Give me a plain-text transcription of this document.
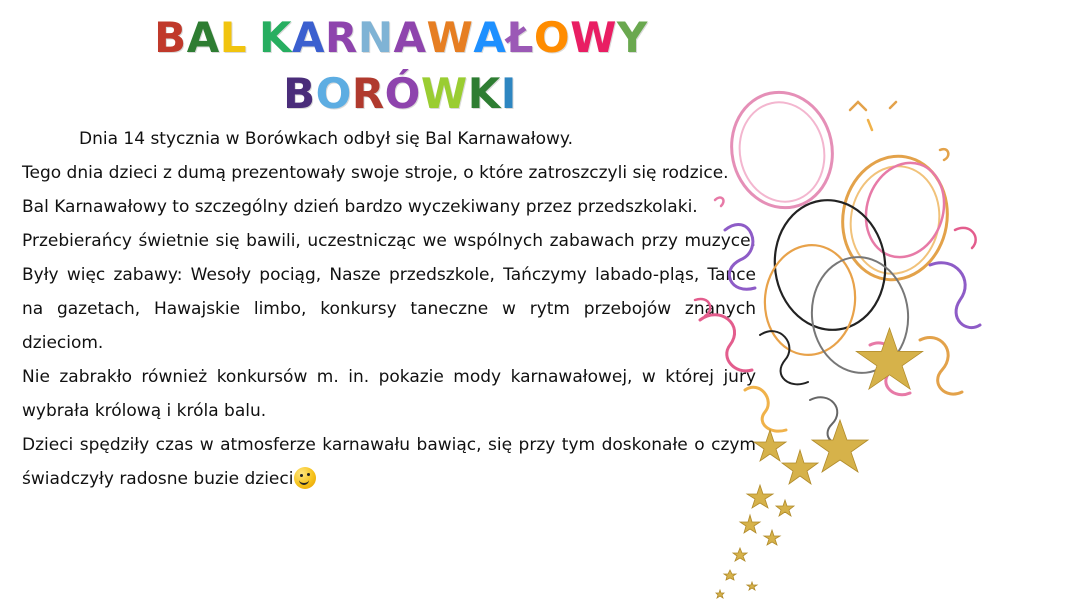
BAL KARNAWAŁOWY
BORÓWKI

Dnia 14 stycznia w Borówkach odbył się Bal Karnawałowy.

Tego dnia dzieci z dumą prezentowały swoje stroje, o które zatroszczyli się rodzice.

Bal Karnawałowy to szczególny dzień bardzo wyczekiwany przez przedszkolaki.

Przebierańcy świetnie się bawili, uczestnicząc we wspólnych zabawach przy muzyce. Były więc zabawy: Wesoły pociąg, Nasze przedszkole, Tańczymy labado-pląs, Tańce na gazetach, Hawajskie limbo, konkursy taneczne w rytm przebojów znanych dzieciom.

Nie zabrakło również konkursów m. in. pokazie mody karnawałowej, w której jury wybrała królową i króla balu.

Dzieci spędziły czas w atmosferze karnawału bawiąc, się przy tym doskonałe o czym świadczyły radosne buzie dzieci
